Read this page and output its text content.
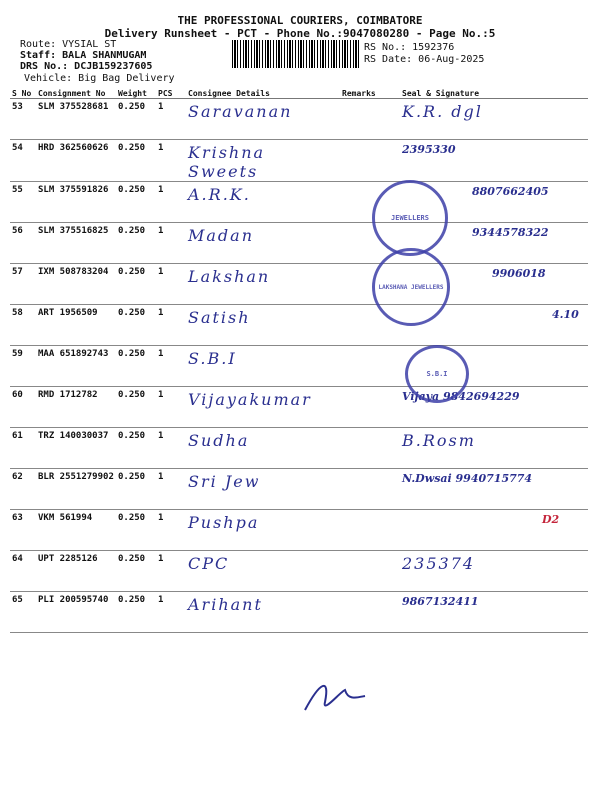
THE PROFESSIONAL COURIERS, COIMBATORE
Delivery Runsheet - PCT - Phone No.:9047080280 - Page No.:5
Route: VYSIAL ST
Staff: BALA SHANMUGAM
DRS No.: DCJB159237605
Vehicle: Big Bag Delivery
RS No.: 1592376
RS Date: 06-Aug-2025
S No	Consignment No	Weight	PCS	Consignee Details	Remarks	Seal & Signature
53	SLM 375528681	0.250	1	Saravanan		K.R. dgl
54	HRD 362560626	0.250	1	Krishna Sweets		2395330
55	SLM 375591826	0.250	1	A.R.K.		8807662405
56	SLM 375516825	0.250	1	Madan		9344578322
57	IXM 508783204	0.250	1	Lakshan		9906018
58	ART 1956509	0.250	1	Satish		4.10
59	MAA 651892743	0.250	1	S.B.I		
60	RMD 1712782	0.250	1	Vijayakumar		Vijaya 9842694229
61	TRZ 140030037	0.250	1	Sudha		B.Rosm
62	BLR 2551279902	0.250	1	Sri Jew		N.Dwsai 9940715774
63	VKM 561994	0.250	1	Pushpa		D2
64	UPT 2285126	0.250	1	CPC		235374
65	PLI 200595740	0.250	1	Arihant		9867132411
JEWELLERS
LAKSHANA JEWELLERS
S.B.I
